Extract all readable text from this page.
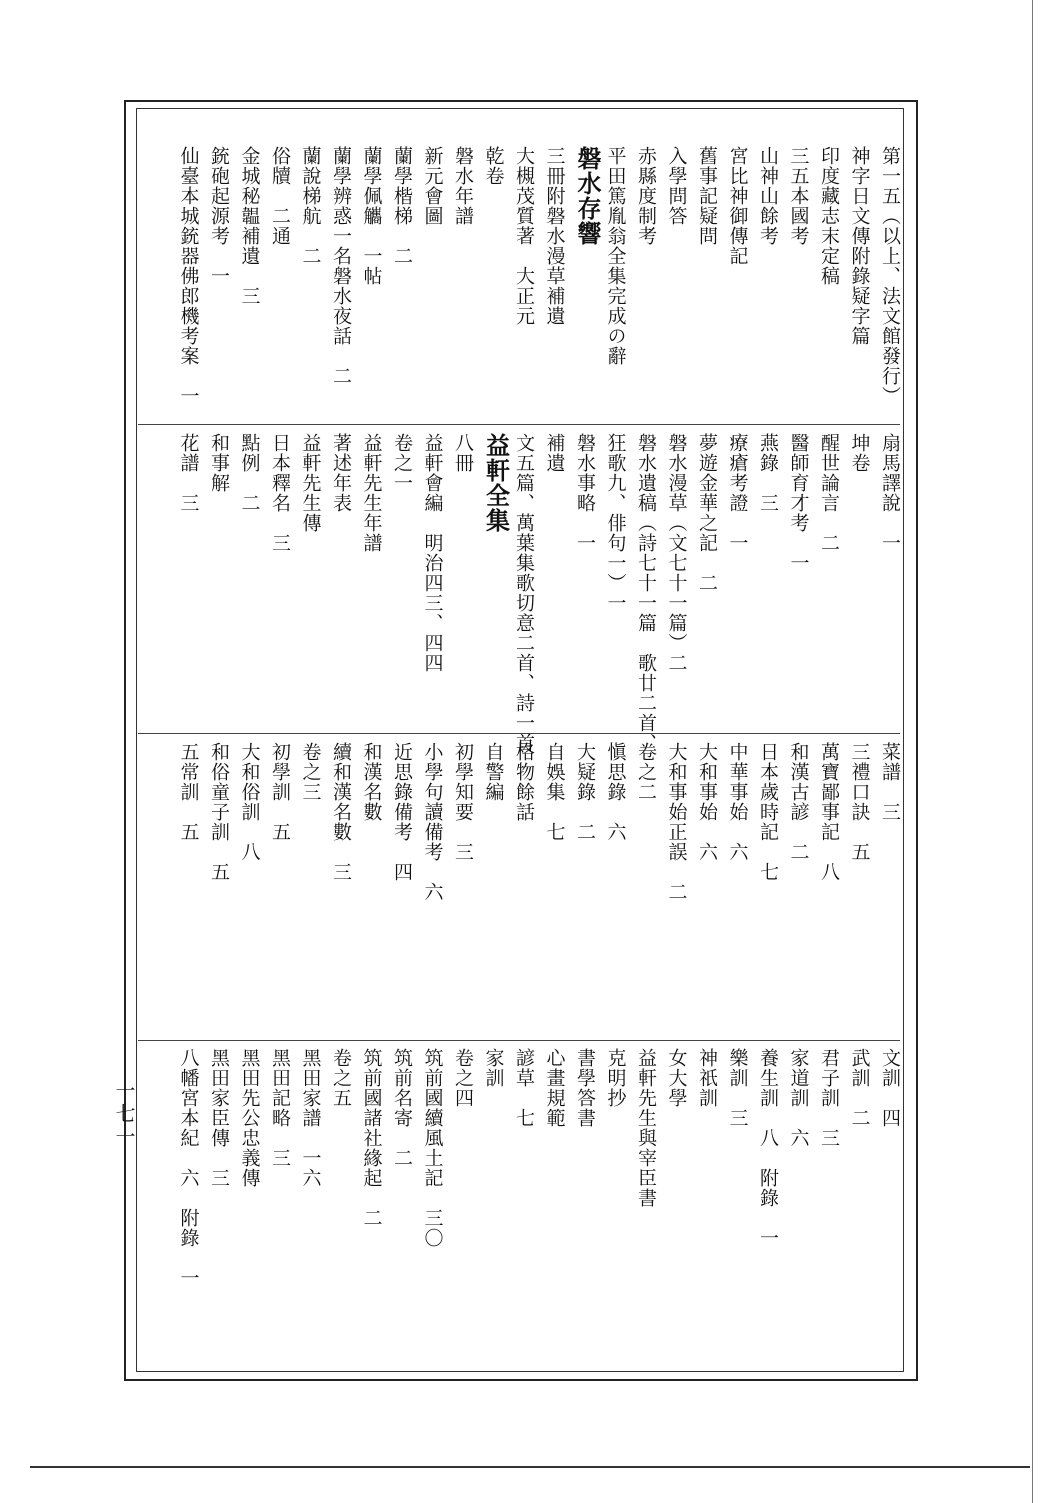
第一五（以上、法文館發行）
神字日文傳附錄疑字篇
印度藏志末定稿
三五本國考
山神山餘考
宮比神御傳記
舊事記疑問
入學問答
赤縣度制考
平田篤胤翁全集完成の辭
磐水存響
三冊附磐水漫草補遺
大槻茂質著　大正元
乾卷
磐水年譜
新元會圖
蘭學楷梯　二
蘭學佩觿　一帖
蘭學辨惑一名磐水夜話　二
蘭說梯航　二
俗牘　二通
金城秘韞補遺　三
銃砲起源考　一
仙臺本城銃器佛郎機考案　一
扇馬譯說　一
坤卷
醒世論言　二
醫師育才考　一
燕錄　三
療瘡考證　一
夢遊金華之記　二
磐水漫草（文七十一篇）二
磐水遺稿（詩七十一篇　歌廿二首、
狂歌九、俳句一）一
磐水事略　一
補遺
文五篇、萬葉集歌切意二首、詩一首
益軒全集
八冊
益軒會編　明治四三、四四
卷之一
益軒先生年譜
著述年表
益軒先生傳
日本釋名　三
點例　二
和事解
花譜　三
菜譜　三
三禮口訣　五
萬寶鄙事記　八
和漢古諺　二
日本歲時記　七
中華事始　六
大和事始　六
大和事始正誤　二
卷之二
愼思錄　六
大疑錄　二
自娛集　七
格物餘話
自警編
初學知要　三
小學句讀備考　六
近思錄備考　四
和漢名數
續和漢名數　三
卷之三
初學訓　五
大和俗訓　八
和俗童子訓　五
五常訓　五
文訓　四
武訓　二
君子訓　三
家道訓　六
養生訓　八　附錄　一
樂訓　三
神祇訓
女大學
益軒先生與宰臣書
克明抄
書學答書
心畫規範
諺草　七
家訓
卷之四
筑前國續風土記　三〇
筑前名寄　二
筑前國諸社緣起　二
卷之五
黑田家譜　一六
黑田記略　三
黑田先公忠義傳
黑田家臣傳　三
八幡宮本紀　六　附錄　一
一七一
